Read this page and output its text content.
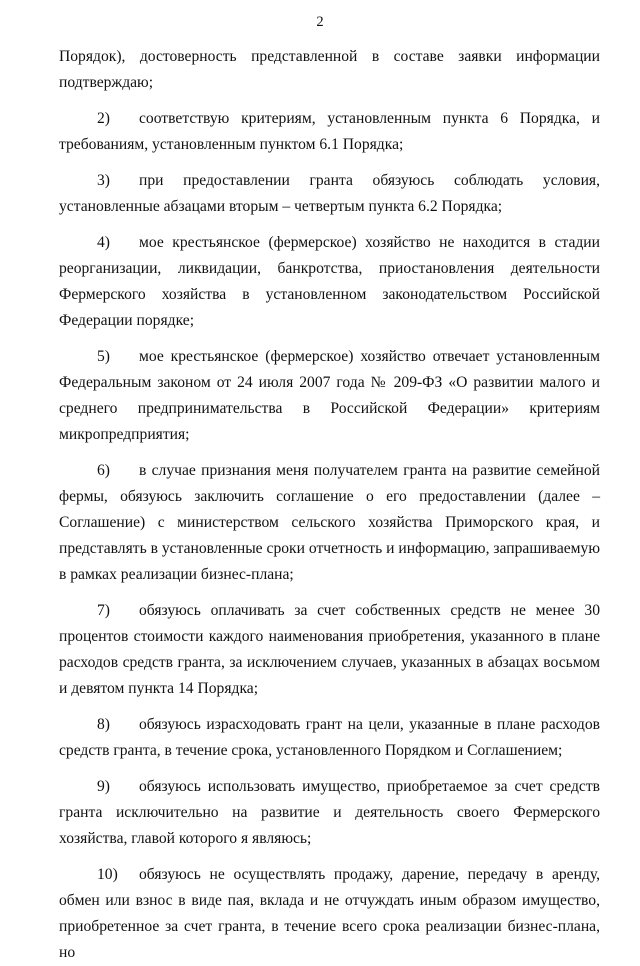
2

Порядок), достоверность представленной в составе заявки информации подтверждаю;

2) соответствую критериям, установленным пункта 6 Порядка, и требованиям, установленным пунктом 6.1 Порядка;

3) при предоставлении гранта обязуюсь соблюдать условия, установленные абзацами вторым – четвертым пункта 6.2 Порядка;

4) мое крестьянское (фермерское) хозяйство не находится в стадии реорганизации, ликвидации, банкротства, приостановления деятельности Фермерского хозяйства в установленном законодательством Российской Федерации порядке;

5) мое крестьянское (фермерское) хозяйство отвечает установленным Федеральным законом от 24 июля 2007 года № 209-ФЗ «О развитии малого и среднего предпринимательства в Российской Федерации» критериям микропредприятия;

6) в случае признания меня получателем гранта на развитие семейной фермы, обязуюсь заключить соглашение о его предоставлении (далее – Соглашение) с министерством сельского хозяйства Приморского края, и представлять в установленные сроки отчетность и информацию, запрашиваемую в рамках реализации бизнес-плана;

7) обязуюсь оплачивать за счет собственных средств не менее 30 процентов стоимости каждого наименования приобретения, указанного в плане расходов средств гранта, за исключением случаев, указанных в абзацах восьмом и девятом пункта 14 Порядка;

8) обязуюсь израсходовать грант на цели, указанные в плане расходов средств гранта, в течение срока, установленного Порядком и Соглашением;

9) обязуюсь использовать имущество, приобретаемое за счет средств гранта исключительно на развитие и деятельность своего Фермерского хозяйства, главой которого я являюсь;

10) обязуюсь не осуществлять продажу, дарение, передачу в аренду, обмен или взнос в виде пая, вклада и не отчуждать иным образом имущество, приобретенное за счет гранта, в течение всего срока реализации бизнес-плана, но
